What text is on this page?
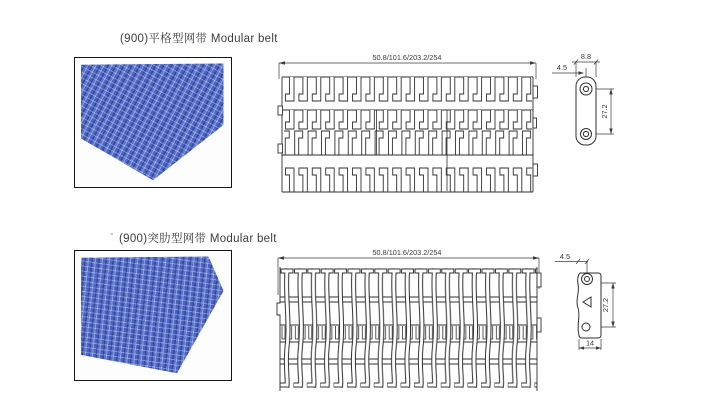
(900)平格型网带 Modular belt
50.8/101.6/203.2/254	8.8
4.5
27.2
- (900)突肋型网带 Modular belt
50.8/101.6/203.2/254	4.5
27.2
14
